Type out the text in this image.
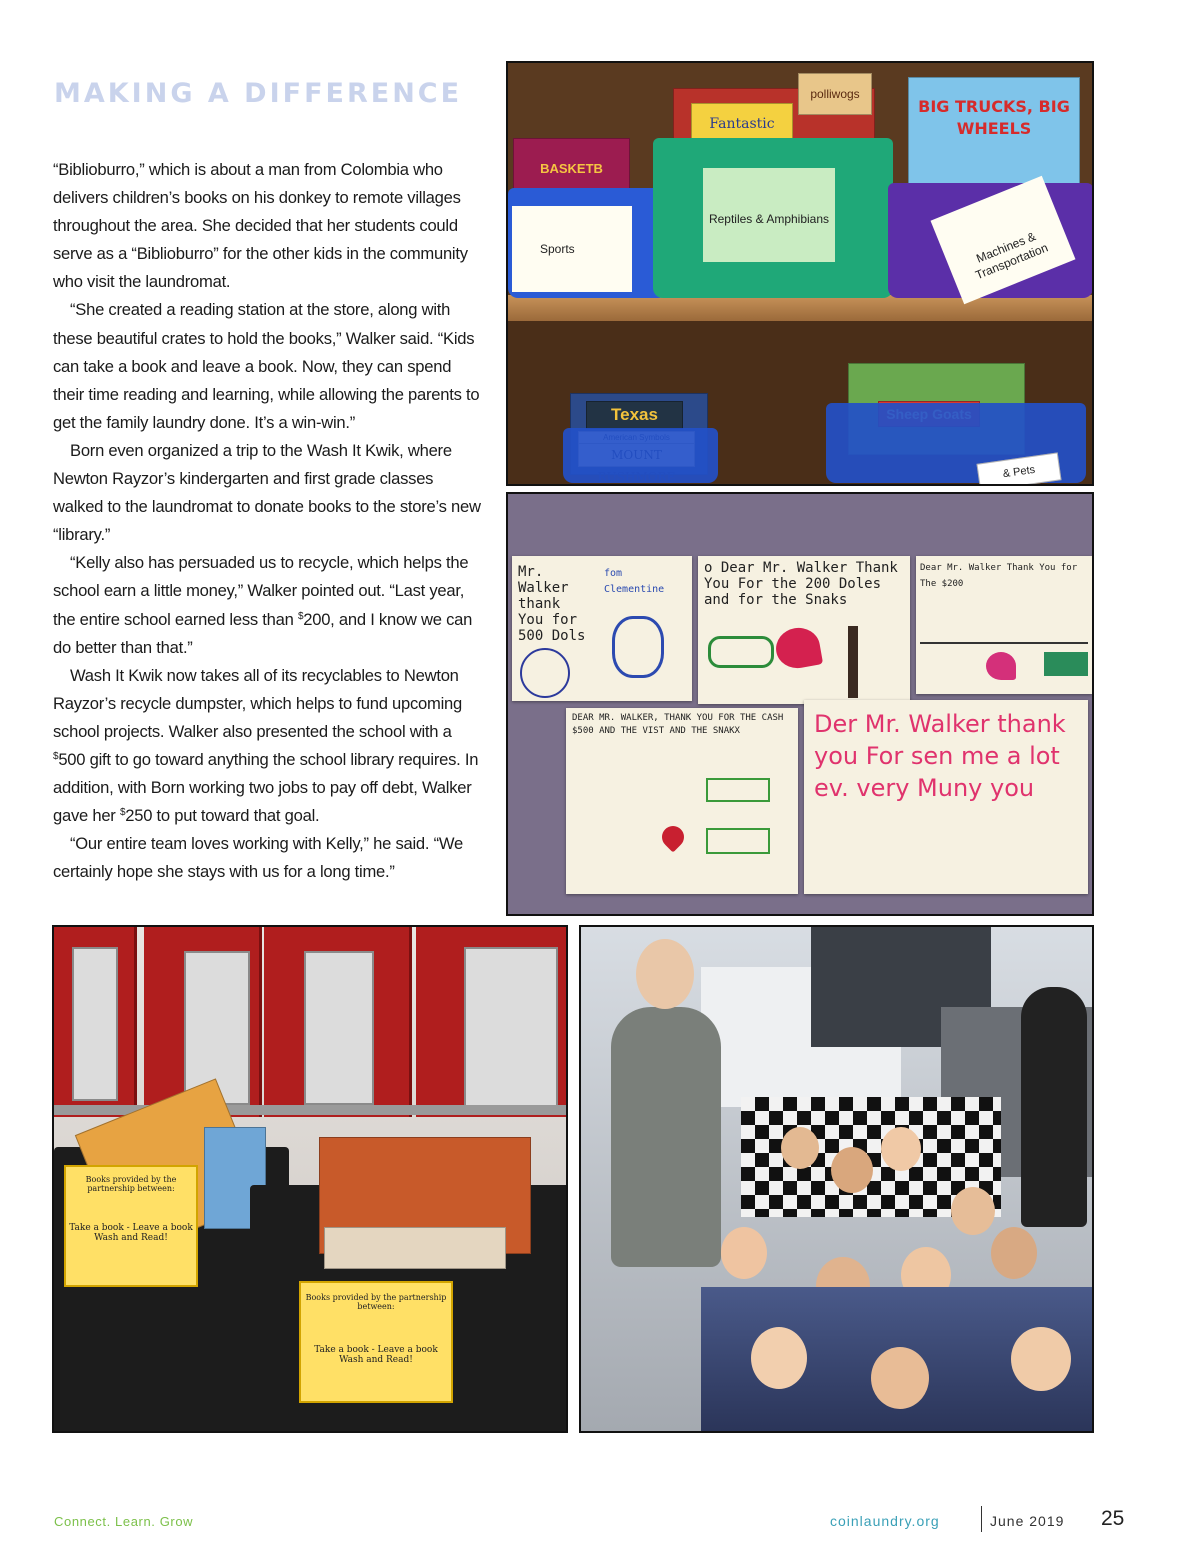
MAKING A DIFFERENCE

“Biblioburro,” which is about a man from Colombia who delivers children’s books on his donkey to remote villages throughout the area. She decided that her students could serve as a “Biblioburro” for the other kids in the community who visit the laundromat.

“She created a reading station at the store, along with these beautiful crates to hold the books,” Walker said. “Kids can take a book and leave a book. Now, they can spend their time reading and learning, while allowing the parents to get the family laundry done. It’s a win-win.”

Born even organized a trip to the Wash It Kwik, where Newton Rayzor’s kindergarten and first grade classes walked to the laundromat to donate books to the store’s new “library.”

“Kelly also has persuaded us to recycle, which helps the school earn a little money,” Walker pointed out. “Last year, the entire school earned less than $200, and I know we can do better than that.”

Wash It Kwik now takes all of its recyclables to Newton Rayzor’s recycle dumpster, which helps to fund upcoming school projects. Walker also presented the school with a $500 gift to go toward anything the school library requires. In addition, with Born working two jobs to pay off debt, Walker gave her $250 to put toward that goal.

“Our entire team loves working with Kelly,” he said. “We certainly hope she stays with us for a long time.”

Fantastic
polliwogs
BIG TRUCKS, BIG WHEELS
BASKETB
Sports
Reptiles & Amphibians
Machines & Transportation
Texas
& Pets
Mr. Walker thank You for 500 Dols
fom Clementine
o Dear Mr. Walker Thank You For the 200 Doles and for the Snaks
Dear Mr. Walker Thank You for The $200
DEAR MR. WALKER, THANK YOU FOR THE CASH $500 AND THE VIST AND THE SNAKX	Der Mr. Walker thank you For sen me a lot ev. very Muny you
Books provided by the partnership between:
Take a book - Leave a book Wash and Read!
Books provided by the partnership between:
Take a book - Leave a book Wash and Read!
Connect. Learn. Grow	coinlaundry.org	June 2019 25
